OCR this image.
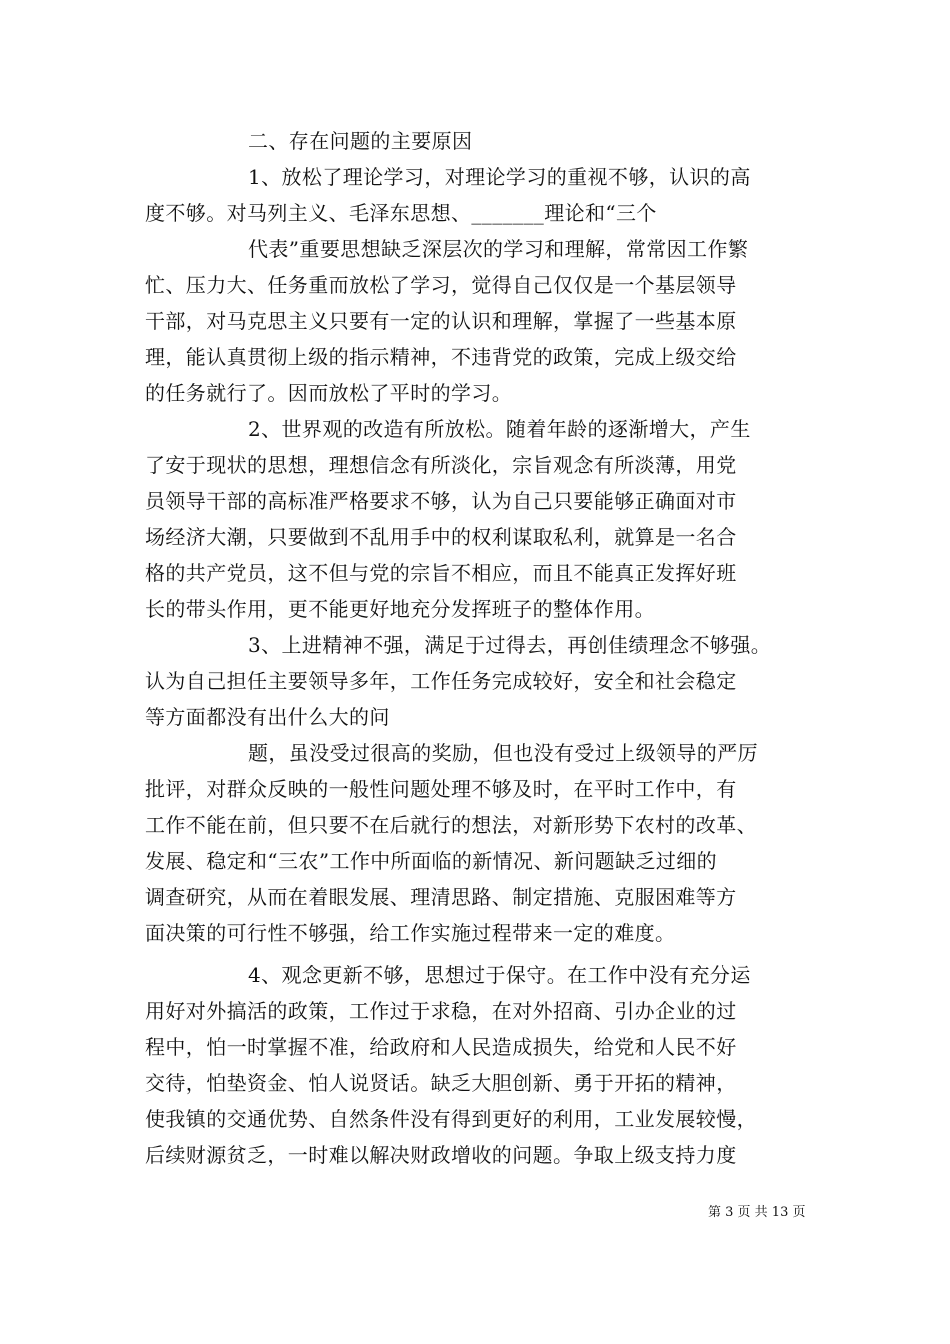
二、存在问题的主要原因
1、放松了理论学习，对理论学习的重视不够，认识的高
度不够。对马列主义、毛泽东思想、_______理论和“三个
代表”重要思想缺乏深层次的学习和理解，常常因工作繁
忙、压力大、任务重而放松了学习，觉得自己仅仅是一个基层领导
干部，对马克思主义只要有一定的认识和理解，掌握了一些基本原
理，能认真贯彻上级的指示精神，不违背党的政策，完成上级交给
的任务就行了。因而放松了平时的学习。
2、世界观的改造有所放松。随着年龄的逐渐增大，产生
了安于现状的思想，理想信念有所淡化，宗旨观念有所淡薄，用党
员领导干部的高标准严格要求不够，认为自己只要能够正确面对市
场经济大潮，只要做到不乱用手中的权利谋取私利，就算是一名合
格的共产党员，这不但与党的宗旨不相应，而且不能真正发挥好班
长的带头作用，更不能更好地充分发挥班子的整体作用。
3、上进精神不强，满足于过得去，再创佳绩理念不够强。
认为自己担任主要领导多年，工作任务完成较好，安全和社会稳定
等方面都没有出什么大的问
题，虽没受过很高的奖励，但也没有受过上级领导的严厉
批评，对群众反映的一般性问题处理不够及时，在平时工作中，有
工作不能在前，但只要不在后就行的想法，对新形势下农村的改革、
发展、稳定和“三农”工作中所面临的新情况、新问题缺乏过细的
调查研究，从而在着眼发展、理清思路、制定措施、克服困难等方
面决策的可行性不够强，给工作实施过程带来一定的难度。
4、观念更新不够，思想过于保守。在工作中没有充分运
用好对外搞活的政策，工作过于求稳，在对外招商、引办企业的过
程中，怕一时掌握不准，给政府和人民造成损失，给党和人民不好
交待，怕垫资金、怕人说贤话。缺乏大胆创新、勇于开拓的精神，
使我镇的交通优势、自然条件没有得到更好的利用，工业发展较慢，
后续财源贫乏，一时难以解决财政增收的问题。争取上级支持力度
第 3 页 共 13 页
